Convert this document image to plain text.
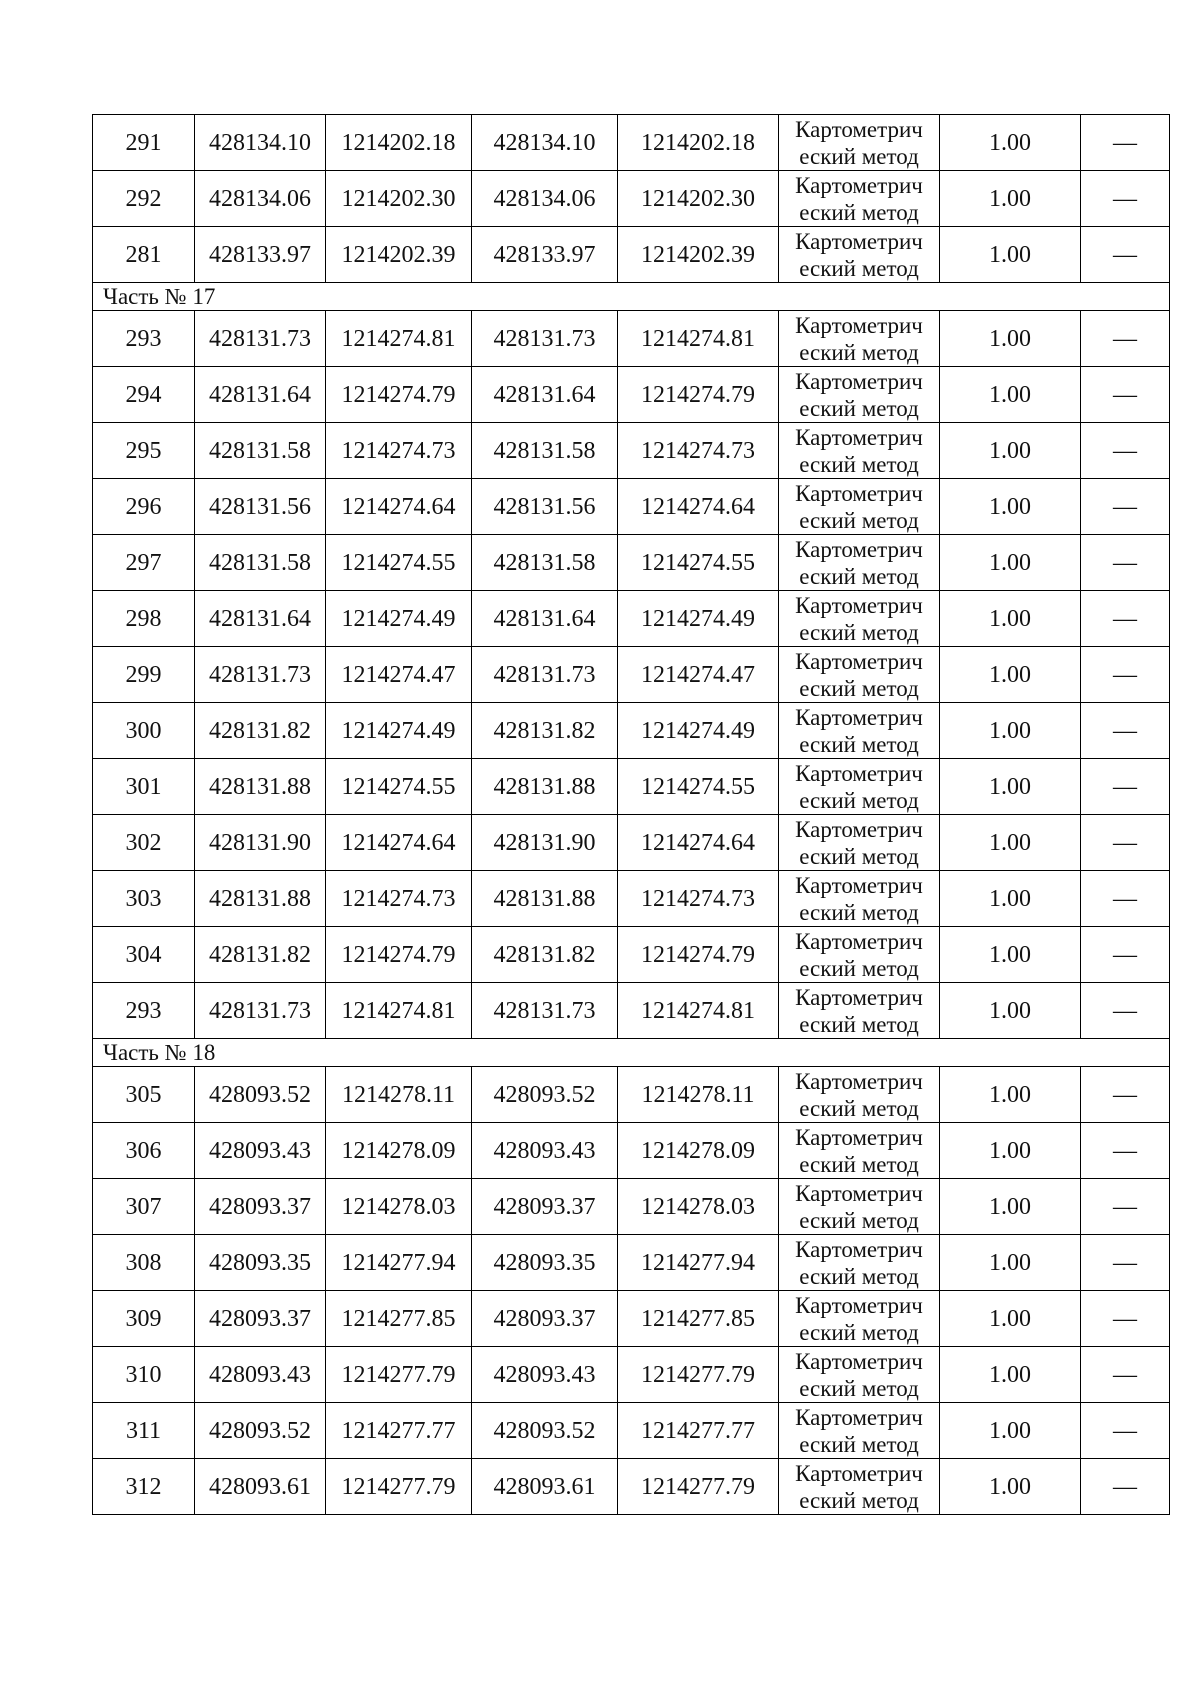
291	428134.10	1214202.18	428134.10	1214202.18	Картометрич
еский метод	1.00	—
292	428134.06	1214202.30	428134.06	1214202.30	Картометрич
еский метод	1.00	—
281	428133.97	1214202.39	428133.97	1214202.39	Картометрич
еский метод	1.00	—
Часть № 17							
293	428131.73	1214274.81	428131.73	1214274.81	Картометрич
еский метод	1.00	—
294	428131.64	1214274.79	428131.64	1214274.79	Картометрич
еский метод	1.00	—
295	428131.58	1214274.73	428131.58	1214274.73	Картометрич
еский метод	1.00	—
296	428131.56	1214274.64	428131.56	1214274.64	Картометрич
еский метод	1.00	—
297	428131.58	1214274.55	428131.58	1214274.55	Картометрич
еский метод	1.00	—
298	428131.64	1214274.49	428131.64	1214274.49	Картометрич
еский метод	1.00	—
299	428131.73	1214274.47	428131.73	1214274.47	Картометрич
еский метод	1.00	—
300	428131.82	1214274.49	428131.82	1214274.49	Картометрич
еский метод	1.00	—
301	428131.88	1214274.55	428131.88	1214274.55	Картометрич
еский метод	1.00	—
302	428131.90	1214274.64	428131.90	1214274.64	Картометрич
еский метод	1.00	—
303	428131.88	1214274.73	428131.88	1214274.73	Картометрич
еский метод	1.00	—
304	428131.82	1214274.79	428131.82	1214274.79	Картометрич
еский метод	1.00	—
293	428131.73	1214274.81	428131.73	1214274.81	Картометрич
еский метод	1.00	—
Часть № 18							
305	428093.52	1214278.11	428093.52	1214278.11	Картометрич
еский метод	1.00	—
306	428093.43	1214278.09	428093.43	1214278.09	Картометрич
еский метод	1.00	—
307	428093.37	1214278.03	428093.37	1214278.03	Картометрич
еский метод	1.00	—
308	428093.35	1214277.94	428093.35	1214277.94	Картометрич
еский метод	1.00	—
309	428093.37	1214277.85	428093.37	1214277.85	Картометрич
еский метод	1.00	—
310	428093.43	1214277.79	428093.43	1214277.79	Картометрич
еский метод	1.00	—
311	428093.52	1214277.77	428093.52	1214277.77	Картометрич
еский метод	1.00	—
312	428093.61	1214277.79	428093.61	1214277.79	Картометрич
еский метод	1.00	—
